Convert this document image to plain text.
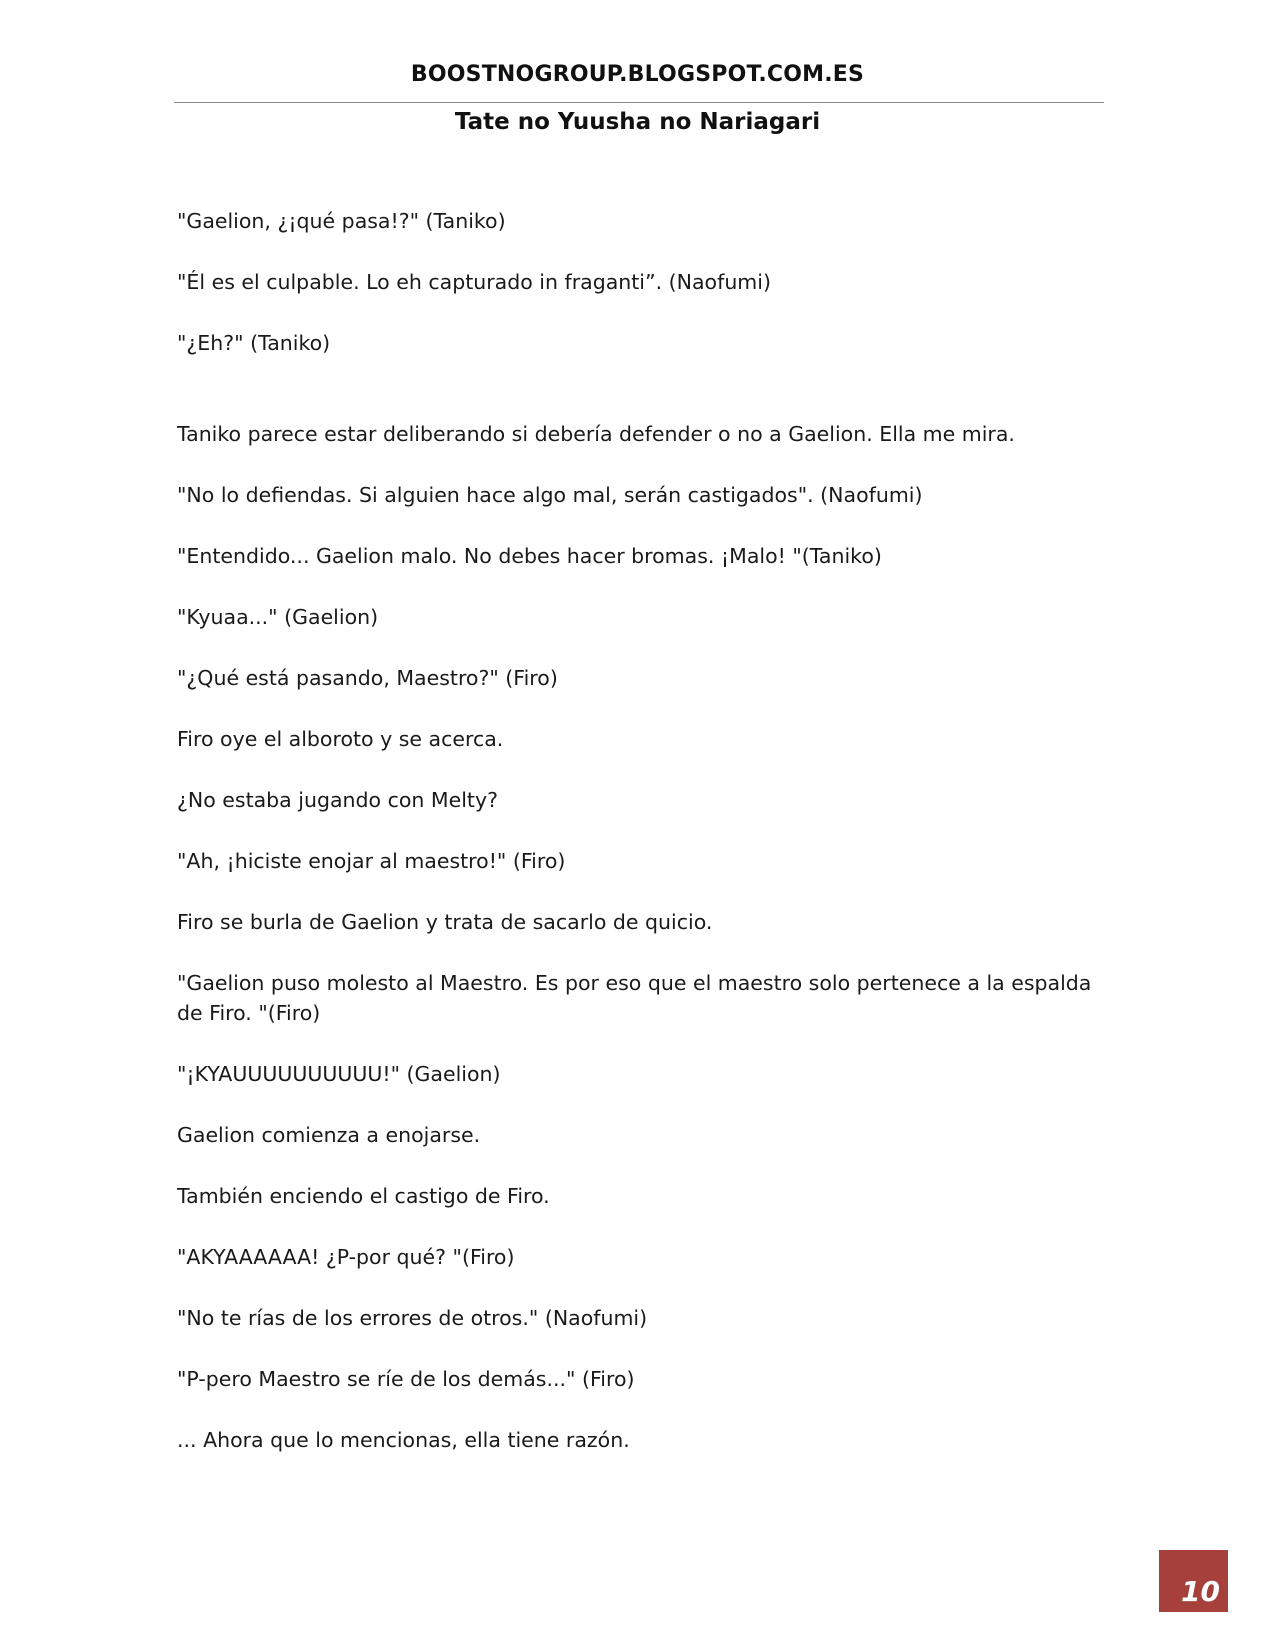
BOOSTNOGROUP.BLOGSPOT.COM.ES
Tate no Yuusha no Nariagari

"Gaelion, ¿¡qué pasa!?" (Taniko)

"Él es el culpable. Lo eh capturado in fraganti”. (Naofumi)

"¿Eh?" (Taniko)

Taniko parece estar deliberando si debería defender o no a Gaelion. Ella me mira.

"No lo defiendas. Si alguien hace algo mal, serán castigados". (Naofumi)

"Entendido... Gaelion malo. No debes hacer bromas. ¡Malo! "(Taniko)

"Kyuaa..." (Gaelion)

"¿Qué está pasando, Maestro?" (Firo)

Firo oye el alboroto y se acerca.

¿No estaba jugando con Melty?

"Ah, ¡hiciste enojar al maestro!" (Firo)

Firo se burla de Gaelion y trata de sacarlo de quicio.

"Gaelion puso molesto al Maestro. Es por eso que el maestro solo pertenece a la espalda de Firo. "(Firo)

"¡KYAUUUUUUUUUU!" (Gaelion)

Gaelion comienza a enojarse.

También enciendo el castigo de Firo.

"AKYAAAAAA! ¿P-por qué? "(Firo)

"No te rías de los errores de otros." (Naofumi)

"P-pero Maestro se ríe de los demás..." (Firo)

... Ahora que lo mencionas, ella tiene razón.

10
